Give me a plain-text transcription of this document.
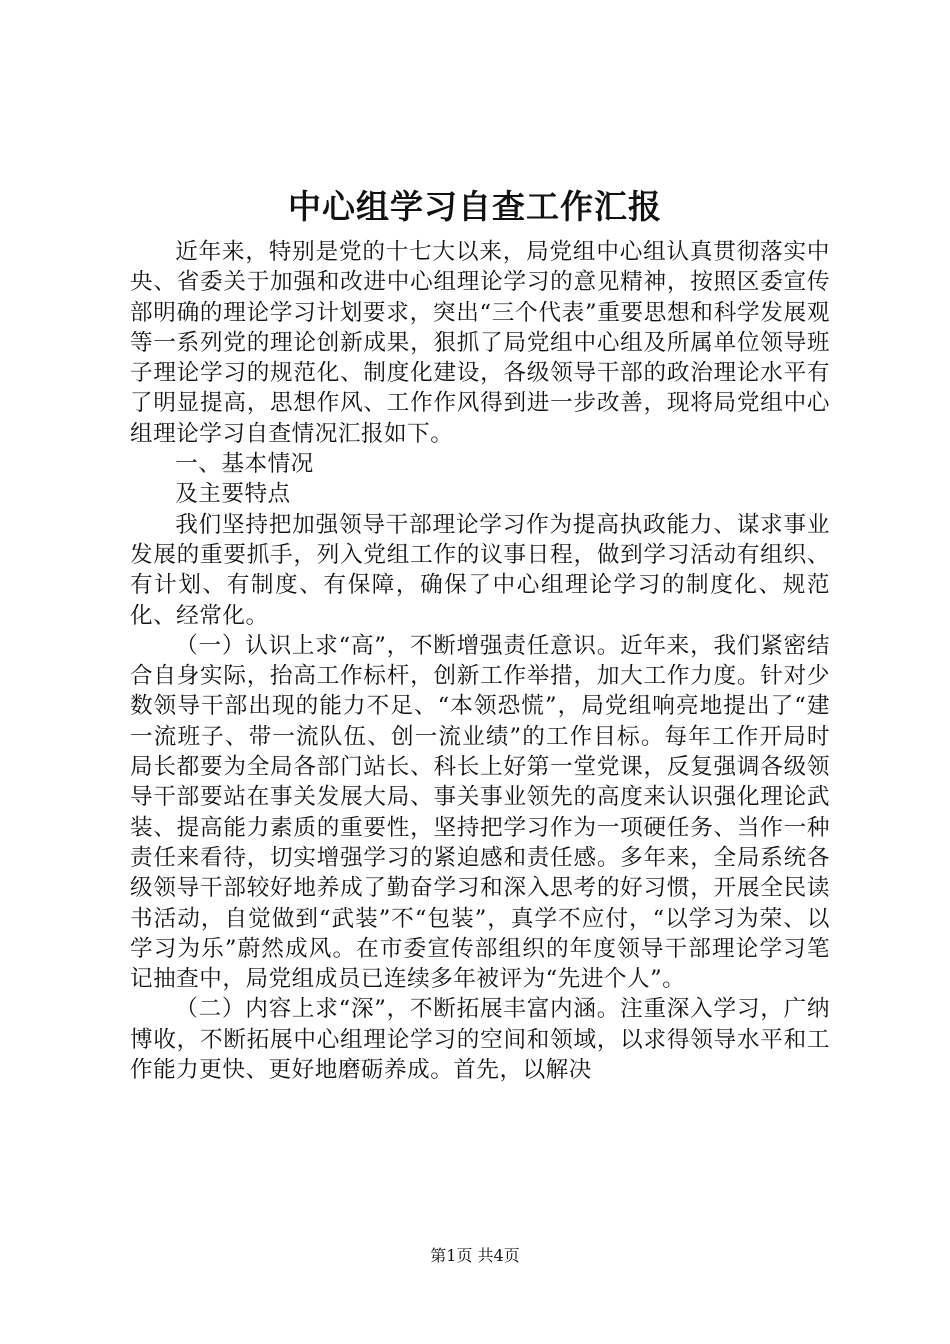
中心组学习自查工作汇报

近年来，特别是党的十七大以来，局党组中心组认真贯彻落实中央、省委关于加强和改进中心组理论学习的意见精神，按照区委宣传部明确的理论学习计划要求，突出“三个代表”重要思想和科学发展观等一系列党的理论创新成果，狠抓了局党组中心组及所属单位领导班子理论学习的规范化、制度化建设，各级领导干部的政治理论水平有了明显提高，思想作风、工作作风得到进一步改善，现将局党组中心组理论学习自查情况汇报如下。

一、基本情况

及主要特点

我们坚持把加强领导干部理论学习作为提高执政能力、谋求事业发展的重要抓手，列入党组工作的议事日程，做到学习活动有组织、有计划、有制度、有保障，确保了中心组理论学习的制度化、规范化、经常化。

（一）认识上求“高”，不断增强责任意识。近年来，我们紧密结合自身实际，抬高工作标杆，创新工作举措，加大工作力度。针对少数领导干部出现的能力不足、“本领恐慌”，局党组响亮地提出了“建一流班子、带一流队伍、创一流业绩”的工作目标。每年工作开局时局长都要为全局各部门站长、科长上好第一堂党课，反复强调各级领导干部要站在事关发展大局、事关事业领先的高度来认识强化理论武装、提高能力素质的重要性，坚持把学习作为一项硬任务、当作一种责任来看待，切实增强学习的紧迫感和责任感。多年来，全局系统各级领导干部较好地养成了勤奋学习和深入思考的好习惯，开展全民读书活动，自觉做到“武装”不“包装”，真学不应付，“以学习为荣、以学习为乐”蔚然成风。在市委宣传部组织的年度领导干部理论学习笔记抽查中，局党组成员已连续多年被评为“先进个人”。

（二）内容上求“深”，不断拓展丰富内涵。注重深入学习，广纳博收，不断拓展中心组理论学习的空间和领域，以求得领导水平和工作能力更快、更好地磨砺养成。首先，以解决

第1页 共4页
